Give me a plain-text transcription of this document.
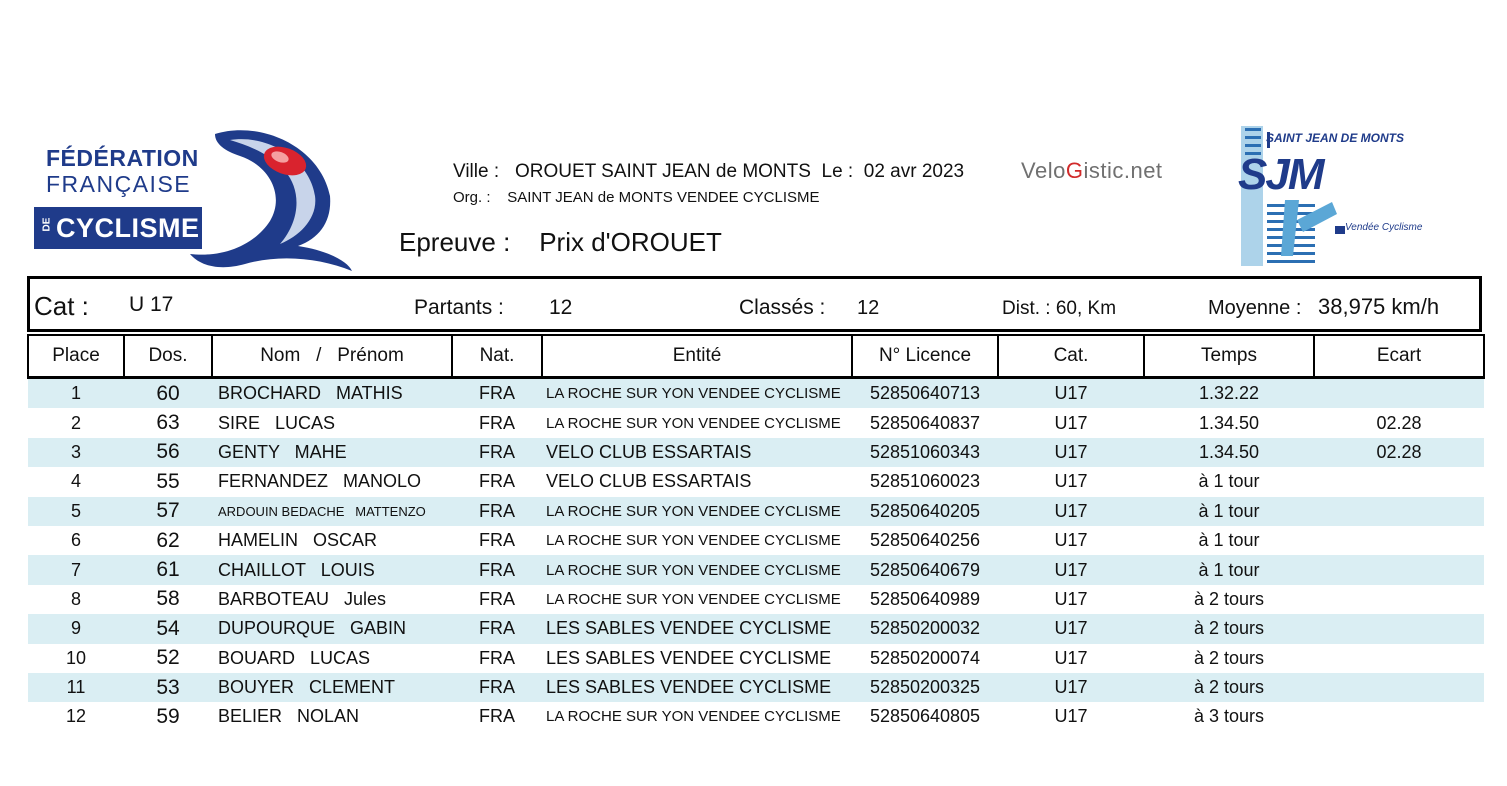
FÉDÉRATION
FRANÇAISE
DE CYCLISME
Ville : OROUET SAINT JEAN de MONTS Le : 02 avr 2023
Org. : SAINT JEAN de MONTS VENDEE CYCLISME
Epreuve : Prix d'OROUET
VeloGistic.net
SAINT JEAN DE MONTS
SJM
Vendée Cyclisme
Cat : U 17	Partants : 12	Classés : 12	Dist. : 60, Km	Moyenne : 38,975 km/h
Place	Dos.	Nom   /   Prénom	Nat.	Entité	N° Licence	Cat.	Temps	Ecart
1	60	BROCHARD   MATHIS	FRA	LA ROCHE SUR YON VENDEE CYCLISME	52850640713	U17	1.32.22	
2	63	SIRE   LUCAS	FRA	LA ROCHE SUR YON VENDEE CYCLISME	52850640837	U17	1.34.50	02.28
3	56	GENTY   MAHE	FRA	VELO CLUB ESSARTAIS	52851060343	U17	1.34.50	02.28
4	55	FERNANDEZ   MANOLO	FRA	VELO CLUB ESSARTAIS	52851060023	U17	à 1 tour	
5	57	ARDOUIN BEDACHE   MATTENZO	FRA	LA ROCHE SUR YON VENDEE CYCLISME	52850640205	U17	à 1 tour	
6	62	HAMELIN   OSCAR	FRA	LA ROCHE SUR YON VENDEE CYCLISME	52850640256	U17	à 1 tour	
7	61	CHAILLOT   LOUIS	FRA	LA ROCHE SUR YON VENDEE CYCLISME	52850640679	U17	à 1 tour	
8	58	BARBOTEAU   Jules	FRA	LA ROCHE SUR YON VENDEE CYCLISME	52850640989	U17	à 2 tours	
9	54	DUPOURQUE   GABIN	FRA	LES SABLES VENDEE CYCLISME	52850200032	U17	à 2 tours	
10	52	BOUARD   LUCAS	FRA	LES SABLES VENDEE CYCLISME	52850200074	U17	à 2 tours	
11	53	BOUYER   CLEMENT	FRA	LES SABLES VENDEE CYCLISME	52850200325	U17	à 2 tours	
12	59	BELIER   NOLAN	FRA	LA ROCHE SUR YON VENDEE CYCLISME	52850640805	U17	à 3 tours	
